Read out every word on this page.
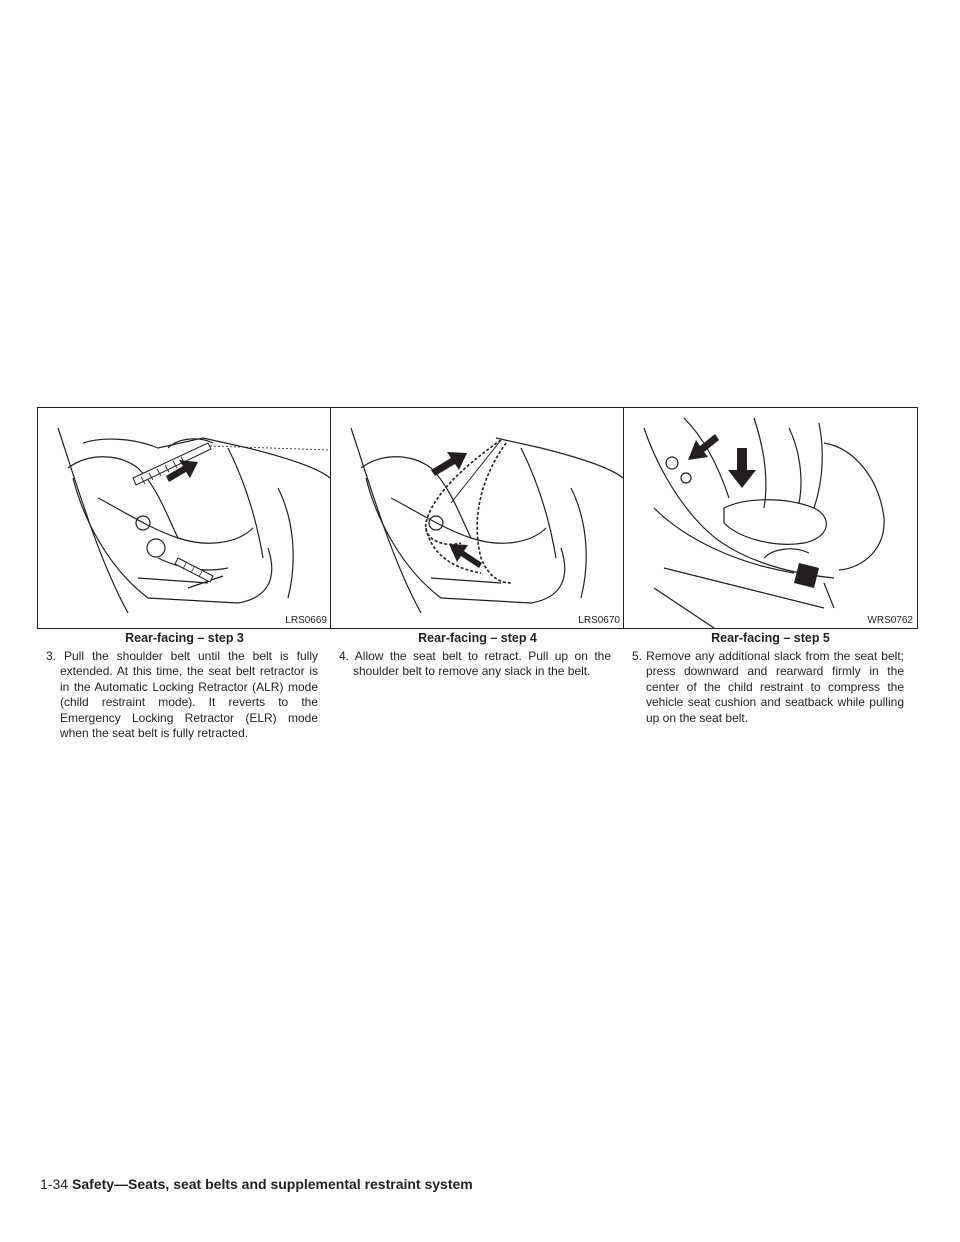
LRS0669
Rear-facing – step 3
3. Pull the shoulder belt until the belt is fully extended. At this time, the seat belt retractor is in the Automatic Locking Retractor (ALR) mode (child restraint mode). It reverts to the Emergency Locking Retractor (ELR) mode when the seat belt is fully retracted.
LRS0670
Rear-facing – step 4
4. Allow the seat belt to retract. Pull up on the shoulder belt to remove any slack in the belt.
WRS0762
Rear-facing – step 5
5. Remove any additional slack from the seat belt; press downward and rearward firmly in the center of the child restraint to compress the vehicle seat cushion and seatback while pulling up on the seat belt.
1-34 Safety—Seats, seat belts and supplemental restraint system
